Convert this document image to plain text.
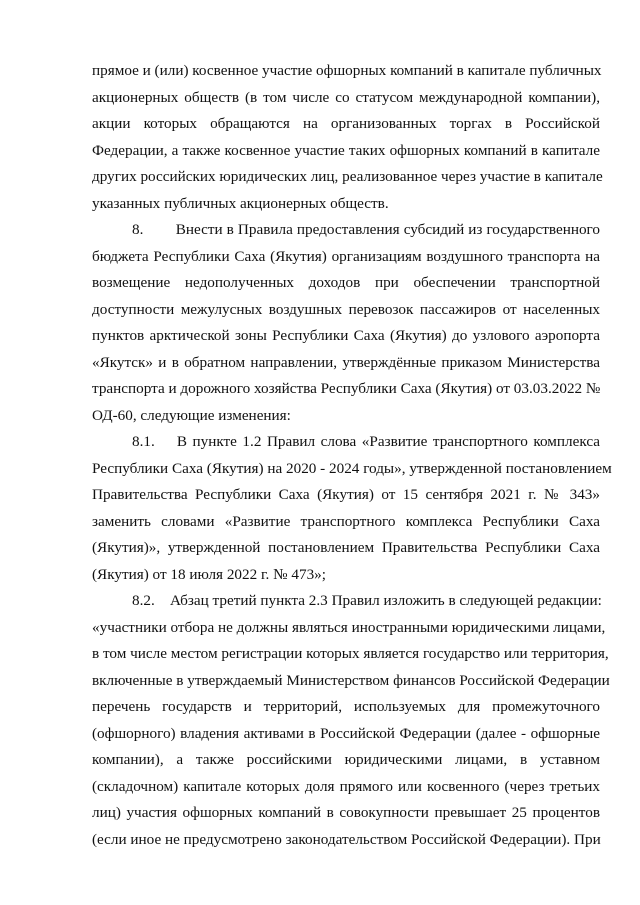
прямое и (или) косвенное участие офшорных компаний в капитале публичных

акционерных обществ (в том числе со статусом международной компании),

акции которых обращаются на организованных торгах в Российской

Федерации, а также косвенное участие таких офшорных компаний в капитале

других российских юридических лиц, реализованное через участие в капитале

указанных публичных акционерных обществ.

8.        Внести в Правила предоставления субсидий из государственного

бюджета Республики Саха (Якутия) организациям воздушного транспорта на

возмещение недополученных доходов при обеспечении транспортной

доступности межулусных воздушных перевозок пассажиров от населенных

пунктов арктической зоны Республики Саха (Якутия) до узлового аэропорта

«Якутск» и в обратном направлении, утверждённые приказом Министерства

транспорта и дорожного хозяйства Республики Саха (Якутия) от 03.03.2022 №

ОД-60, следующие изменения:

8.1.    В пункте 1.2 Правил слова «Развитие транспортного комплекса

Республики Саха (Якутия) на 2020 - 2024 годы», утвержденной постановлением

Правительства Республики Саха (Якутия) от 15 сентября 2021 г. № 343»

заменить словами «Развитие транспортного комплекса Республики Саха

(Якутия)», утвержденной постановлением Правительства Республики Саха

(Якутия) от 18 июля 2022 г. № 473»;

8.2.    Абзац третий пункта 2.3 Правил изложить в следующей редакции:

«участники отбора не должны являться иностранными юридическими лицами,

в том числе местом регистрации которых является государство или территория,

включенные в утверждаемый Министерством финансов Российской Федерации

перечень государств и территорий, используемых для промежуточного

(офшорного) владения активами в Российской Федерации (далее - офшорные

компании), а также российскими юридическими лицами, в уставном

(складочном) капитале которых доля прямого или косвенного (через третьих

лиц) участия офшорных компаний в совокупности превышает 25 процентов

(если иное не предусмотрено законодательством Российской Федерации). При
